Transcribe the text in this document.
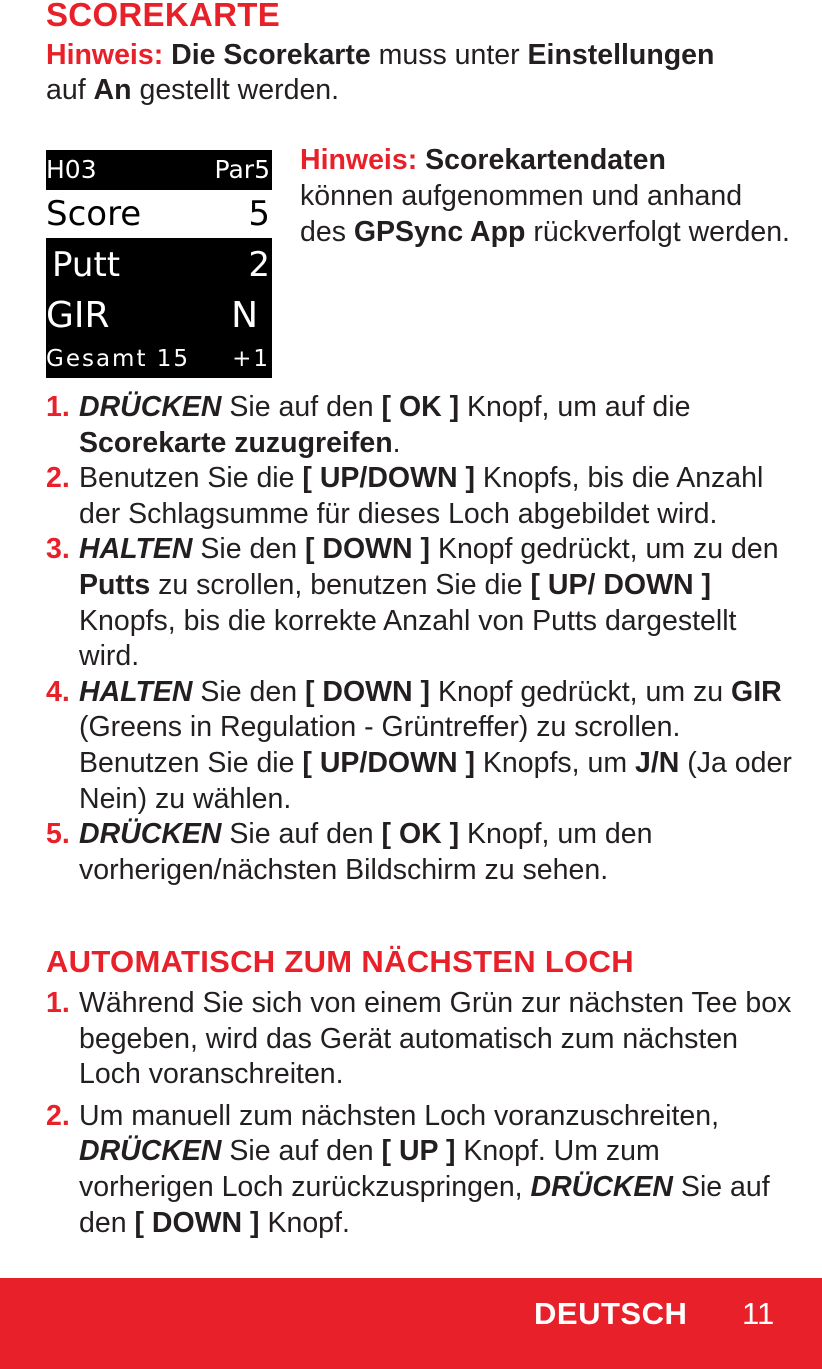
SCOREKARTE
Hinweis: Die Scorekarte muss unter Einstellungen
auf An gestellt werden.
H03	Par5
Score	5
Putt	2
GIR	N
Gesamt 15 +1
Hinweis: Scorekartendaten
können aufgenommen und anhand des GPSync App rückverfolgt werden.
1. DRÜCKEN Sie auf den [ OK ] Knopf, um auf die
Scorekarte zuzugreifen.
2. Benutzen Sie die [ UP/DOWN ] Knopfs, bis die Anzahl der Schlagsumme für dieses Loch abgebildet wird.
3. HALTEN Sie den [ DOWN ] Knopf gedrückt, um zu den Putts zu scrollen, benutzen Sie die [ UP/ DOWN ] Knopfs, bis die korrekte Anzahl von Putts dargestellt wird.
4. HALTEN Sie den [ DOWN ] Knopf gedrückt, um zu GIR (Greens in Regulation - Grüntreffer) zu scrollen. Benutzen Sie die [ UP/DOWN ] Knopfs, um J/N (Ja oder Nein) zu wählen.
5. DRÜCKEN Sie auf den [ OK ] Knopf, um den vorherigen/nächsten Bildschirm zu sehen.
AUTOMATISCH ZUM NÄCHSTEN LOCH
1. Während Sie sich von einem Grün zur nächsten Tee box begeben, wird das Gerät automatisch zum nächsten Loch voranschreiten.
2. Um manuell zum nächsten Loch voranzuschreiten, DRÜCKEN Sie auf den [ UP ] Knopf. Um zum vorherigen Loch zurückzuspringen, DRÜCKEN Sie auf den [ DOWN ] Knopf.
DEUTSCH 11
